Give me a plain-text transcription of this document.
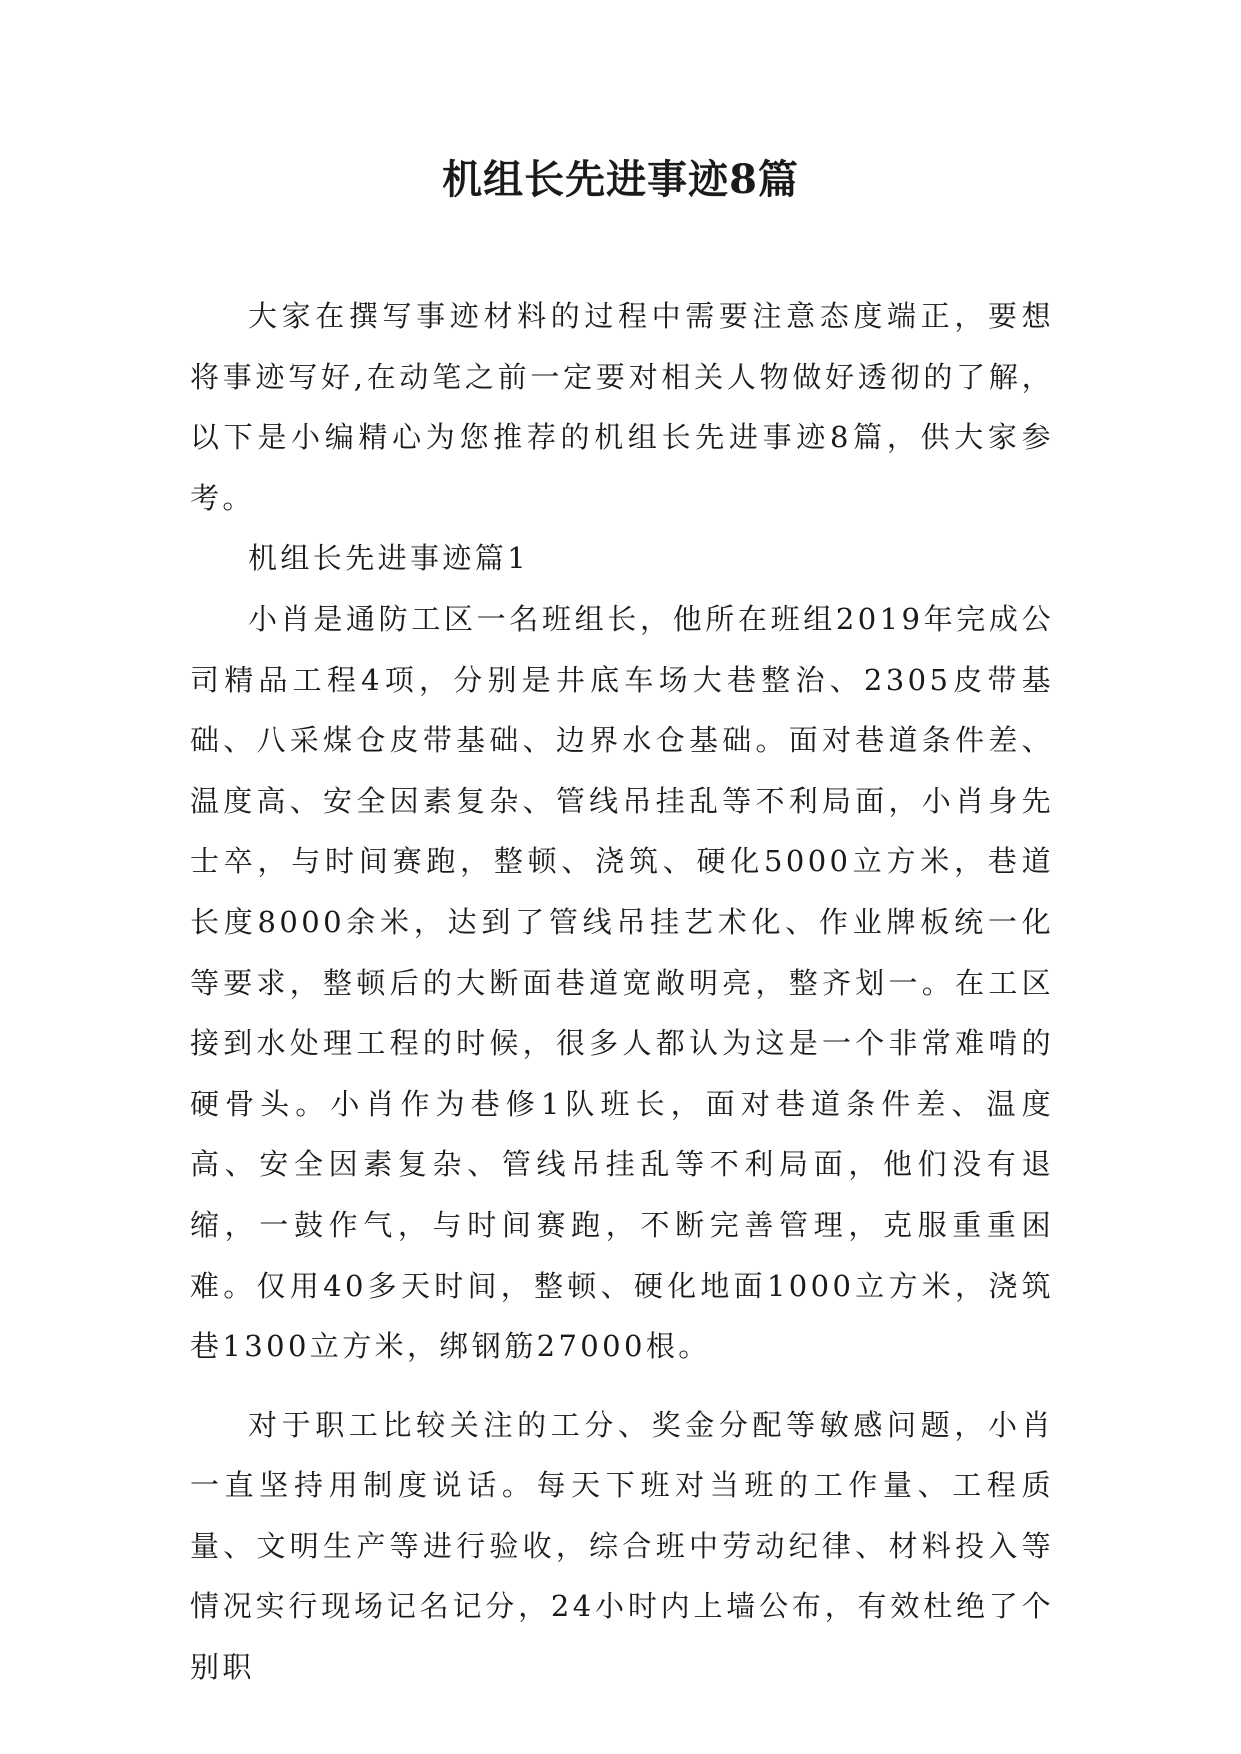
机组长先进事迹8篇

大家在撰写事迹材料的过程中需要注意态度端正，要想将事迹写好,在动笔之前一定要对相关人物做好透彻的了解，以下是小编精心为您推荐的机组长先进事迹8篇，供大家参考。

机组长先进事迹篇1

小肖是通防工区一名班组长，他所在班组2019年完成公司精品工程4项，分别是井底车场大巷整治、2305皮带基础、八采煤仓皮带基础、边界水仓基础。面对巷道条件差、温度高、安全因素复杂、管线吊挂乱等不利局面，小肖身先士卒，与时间赛跑，整顿、浇筑、硬化5000立方米，巷道长度8000余米，达到了管线吊挂艺术化、作业牌板统一化等要求，整顿后的大断面巷道宽敞明亮，整齐划一。在工区接到水处理工程的时候，很多人都认为这是一个非常难啃的硬骨头。小肖作为巷修1队班长，面对巷道条件差、温度高、安全因素复杂、管线吊挂乱等不利局面，他们没有退缩，一鼓作气，与时间赛跑，不断完善管理，克服重重困难。仅用40多天时间，整顿、硬化地面1000立方米，浇筑巷1300立方米，绑钢筋27000根。

对于职工比较关注的工分、奖金分配等敏感问题，小肖一直坚持用制度说话。每天下班对当班的工作量、工程质量、文明生产等进行验收，综合班中劳动纪律、材料投入等情况实行现场记名记分，24小时内上墙公布，有效杜绝了个别职
